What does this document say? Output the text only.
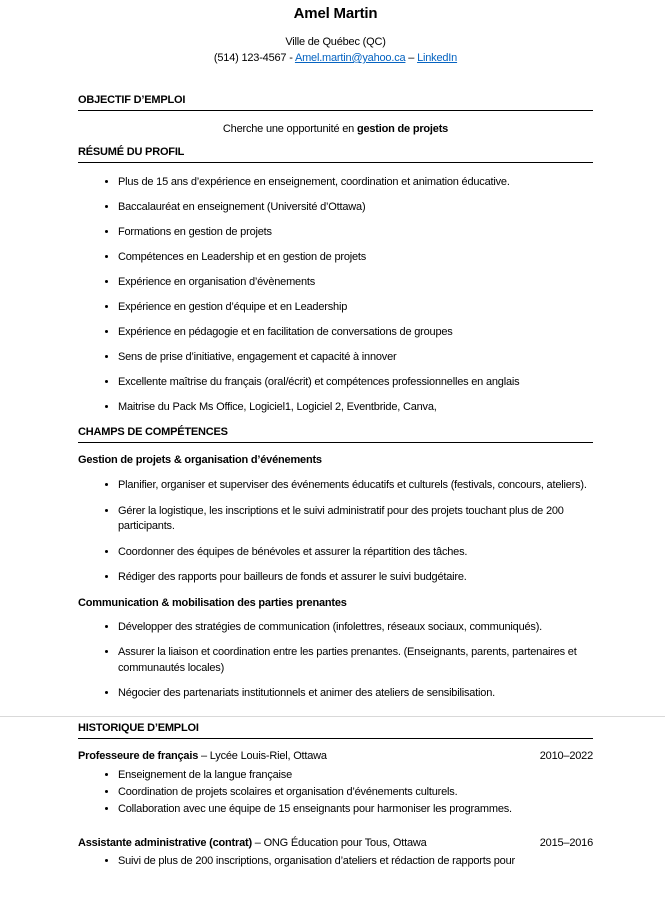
Amel Martin
Ville de Québec (QC)
(514) 123-4567 - Amel.martin@yahoo.ca – LinkedIn
OBJECTIF D’EMPLOI
Cherche une opportunité en gestion de projets
RÉSUMÉ DU PROFIL
• Plus de 15 ans d’expérience en enseignement, coordination et animation éducative.
• Baccalauréat en enseignement (Université d’Ottawa)
• Formations en gestion de projets
• Compétences en Leadership et en gestion de projets
• Expérience en organisation d’évènements
• Expérience en gestion d’équipe et en Leadership
• Expérience en pédagogie et en facilitation de conversations de groupes
• Sens de prise d’initiative, engagement et capacité à innover
• Excellente maîtrise du français (oral/écrit) et compétences professionnelles en anglais
• Maitrise du Pack Ms Office, Logiciel1, Logiciel 2, Eventbride, Canva,
CHAMPS DE COMPÉTENCES
Gestion de projets & organisation d’événements
• Planifier, organiser et superviser des événements éducatifs et culturels (festivals, concours, ateliers).
• Gérer la logistique, les inscriptions et le suivi administratif pour des projets touchant plus de 200 participants.
• Coordonner des équipes de bénévoles et assurer la répartition des tâches.
• Rédiger des rapports pour bailleurs de fonds et assurer le suivi budgétaire.
Communication & mobilisation des parties prenantes
• Développer des stratégies de communication (infolettres, réseaux sociaux, communiqués).
• Assurer la liaison et coordination entre les parties prenantes. (Enseignants, parents, partenaires et communautés locales)
• Négocier des partenariats institutionnels et animer des ateliers de sensibilisation.
HISTORIQUE D’EMPLOI
Professeure de français – Lycée Louis-Riel, Ottawa	2010–2022
• Enseignement de la langue française
• Coordination de projets scolaires et organisation d’événements culturels.
• Collaboration avec une équipe de 15 enseignants pour harmoniser les programmes.
Assistante administrative (contrat) – ONG Éducation pour Tous, Ottawa	2015–2016
• Suivi de plus de 200 inscriptions, organisation d’ateliers et rédaction de rapports pour
